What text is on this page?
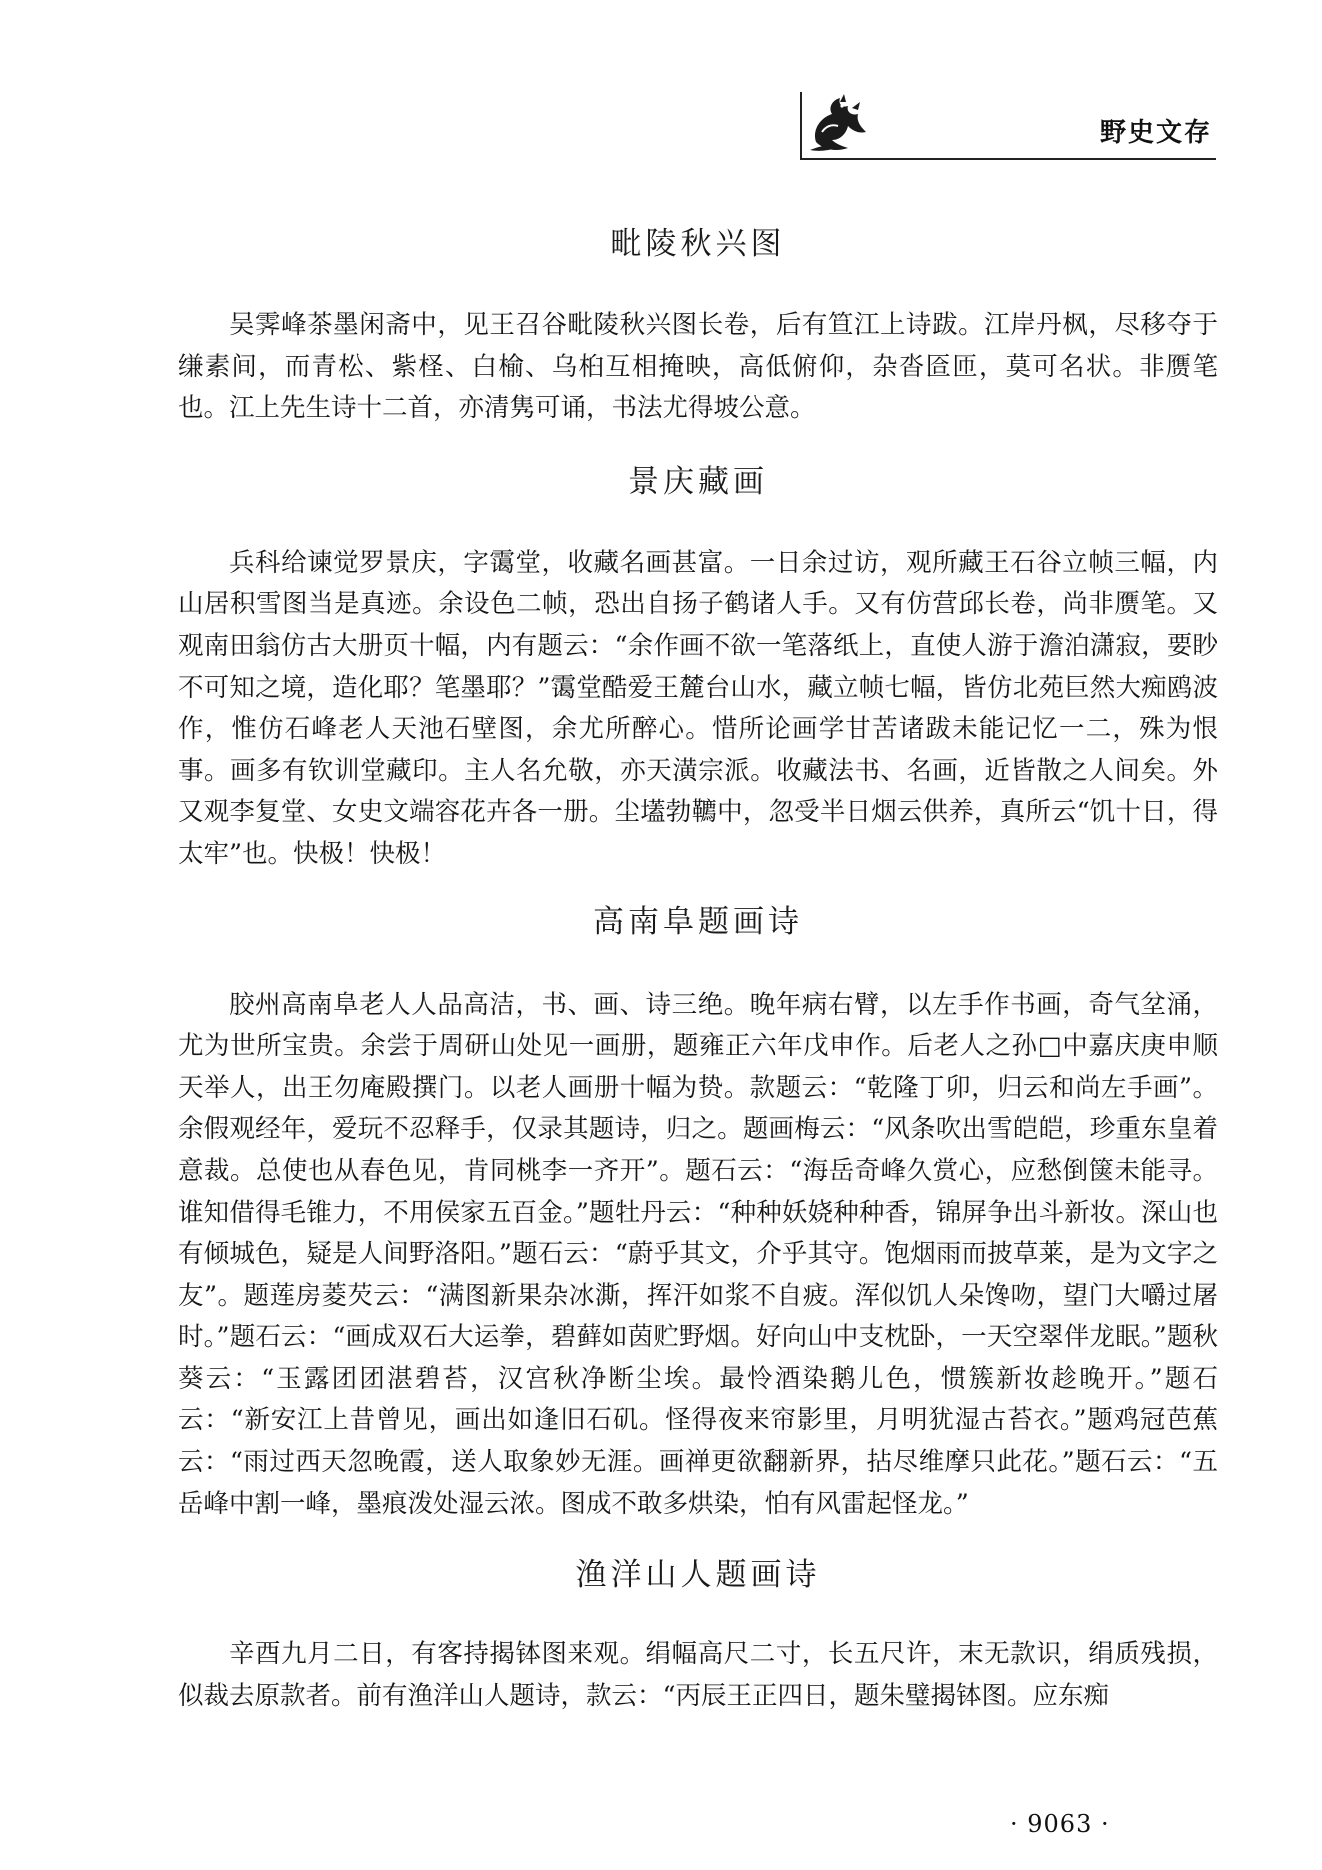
野史文存
毗陵秋兴图

吴霁峰茶墨闲斋中，见王召谷毗陵秋兴图长卷，后有笪江上诗跋。江岸丹枫，尽移夺于缣素间，而青松、紫柽、白榆、乌桕互相掩映，高低俯仰，杂沓匼匝，莫可名状。非赝笔也。江上先生诗十二首，亦清隽可诵，书法尤得坡公意。

景庆藏画

兵科给谏觉罗景庆，字霭堂，收藏名画甚富。一日余过访，观所藏王石谷立帧三幅，内山居积雪图当是真迹。余设色二帧，恐出自扬子鹤诸人手。又有仿营邱长卷，尚非赝笔。又观南田翁仿古大册页十幅，内有题云：“余作画不欲一笔落纸上，直使人游于澹泊潇寂，要眇不可知之境，造化耶？笔墨耶？”霭堂酷爱王麓台山水，藏立帧七幅，皆仿北苑巨然大痴鸥波作，惟仿石峰老人天池石壁图，余尤所醉心。惜所论画学甘苦诸跋未能记忆一二，殊为恨事。画多有钦训堂藏印。主人名允敬，亦天潢宗派。收藏法书、名画，近皆散之人间矣。外又观李复堂、女史文端容花卉各一册。尘壒勃韀中，忽受半日烟云供养，真所云“饥十日，得太牢”也。快极！快极！

高南阜题画诗

胶州高南阜老人人品高洁，书、画、诗三绝。晚年病右臂，以左手作书画，奇气坌涌，尤为世所宝贵。余尝于周研山处见一画册，题雍正六年戊申作。后老人之孙□中嘉庆庚申顺天举人，出王勿庵殿撰门。以老人画册十幅为贽。款题云：“乾隆丁卯，归云和尚左手画”。余假观经年，爱玩不忍释手，仅录其题诗，归之。题画梅云：“风条吹出雪皑皑，珍重东皇着意裁。总使也从春色见，肯同桃李一齐开”。题石云：“海岳奇峰久赏心，应愁倒箧未能寻。谁知借得毛锥力，不用侯家五百金。”题牡丹云：“种种妖娆种种香，锦屏争出斗新妆。深山也有倾城色，疑是人间野洛阳。”题石云：“蔚乎其文，介乎其守。饱烟雨而披草莱，是为文字之友”。题莲房菱芡云：“满图新果杂冰澌，挥汗如浆不自疲。浑似饥人朵馋吻，望门大嚼过屠时。”题石云：“画成双石大运拳，碧藓如茵贮野烟。好向山中支枕卧，一天空翠伴龙眠。”题秋葵云：“玉露团团湛碧苔，汉宫秋净断尘埃。最怜酒染鹅儿色，惯簇新妆趁晚开。”题石云：“新安江上昔曾见，画出如逢旧石矶。怪得夜来帘影里，月明犹湿古苔衣。”题鸡冠芭蕉云：“雨过西天忽晚霞，送人取象妙无涯。画禅更欲翻新界，拈尽维摩只此花。”题石云：“五岳峰中割一峰，墨痕泼处湿云浓。图成不敢多烘染，怕有风雷起怪龙。”

渔洋山人题画诗

辛酉九月二日，有客持揭钵图来观。绢幅高尺二寸，长五尺许，末无款识，绢质残损，似裁去原款者。前有渔洋山人题诗，款云：“丙辰王正四日，题朱璧揭钵图。应东痴

· 9063 ·
